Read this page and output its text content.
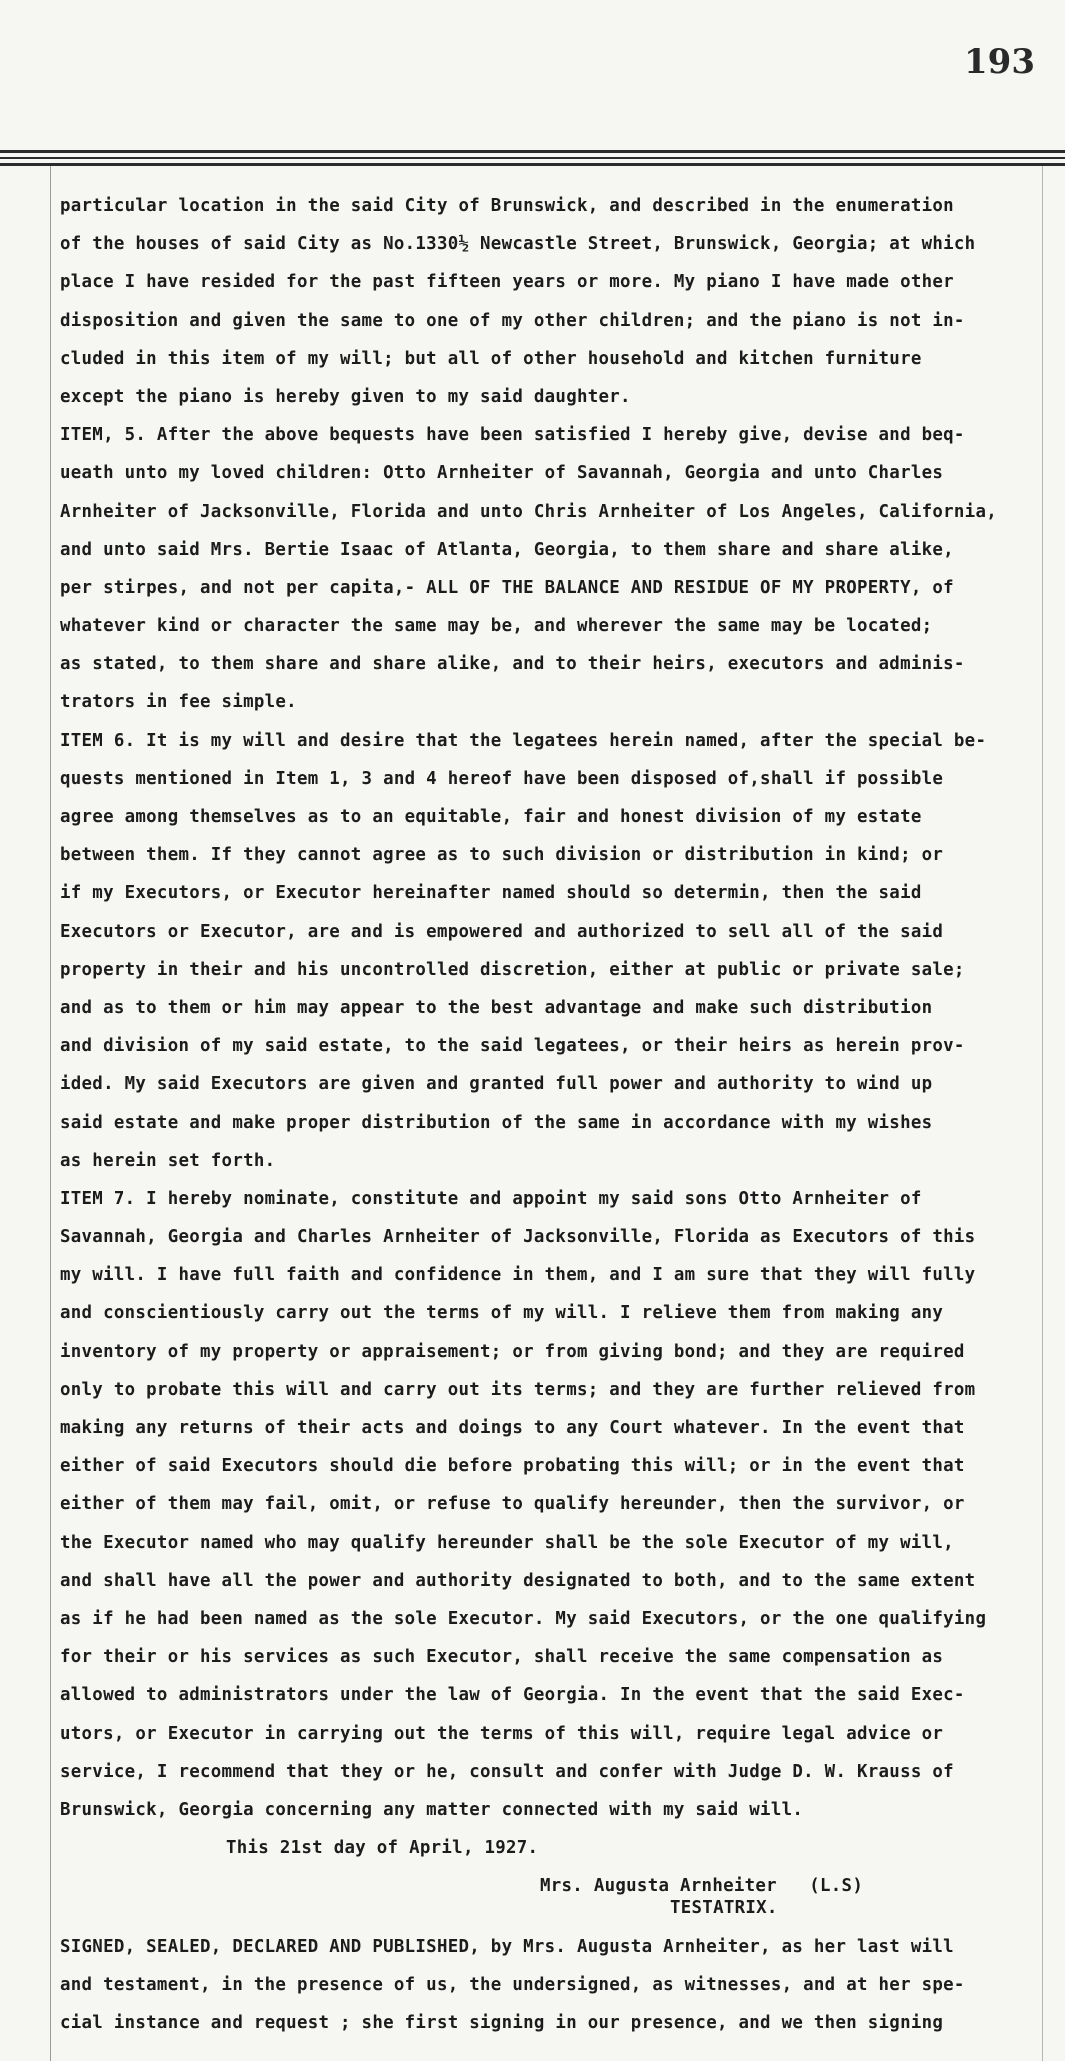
193
particular location in the said City of Brunswick, and described in the enumeration
of the houses of said City as No.1330½ Newcastle Street, Brunswick, Georgia; at which
place I have resided for the past fifteen years or more. My piano I have made other
disposition and given the same to one of my other children; and the piano is not in-
cluded in this item of my will; but all of other household and kitchen furniture
except the piano is hereby given to my said daughter.
ITEM, 5. After the above bequests have been satisfied I hereby give, devise and beq-
ueath unto my loved children: Otto Arnheiter of Savannah, Georgia and unto Charles
Arnheiter of Jacksonville, Florida and unto Chris Arnheiter of Los Angeles, California,
and unto said Mrs. Bertie Isaac of Atlanta, Georgia, to them share and share alike,
per stirpes, and not per capita,- ALL OF THE BALANCE AND RESIDUE OF MY PROPERTY, of
whatever kind or character the same may be, and wherever the same may be located;
as stated, to them share and share alike, and to their heirs, executors and adminis-
trators in fee simple.
ITEM 6. It is my will and desire that the legatees herein named, after the special be-
quests mentioned in Item 1, 3 and 4 hereof have been disposed of,shall if possible
agree among themselves as to an equitable, fair and honest division of my estate
between them. If they cannot agree as to such division or distribution in kind; or
if my Executors, or Executor hereinafter named should so determin, then the said
Executors or Executor, are and is empowered and authorized to sell all of the said
property in their and his uncontrolled discretion, either at public or private sale;
and as to them or him may appear to the best advantage and make such distribution
and division of my said estate, to the said legatees, or their heirs as herein prov-
ided. My said Executors are given and granted full power and authority to wind up
said estate and make proper distribution of the same in accordance with my wishes
as herein set forth.
ITEM 7. I hereby nominate, constitute and appoint my said sons Otto Arnheiter of
Savannah, Georgia and Charles Arnheiter of Jacksonville, Florida as Executors of this
my will. I have full faith and confidence in them, and I am sure that they will fully
and conscientiously carry out the terms of my will. I relieve them from making any
inventory of my property or appraisement; or from giving bond; and they are required
only to probate this will and carry out its terms; and they are further relieved from
making any returns of their acts and doings to any Court whatever. In the event that
either of said Executors should die before probating this will; or in the event that
either of them may fail, omit, or refuse to qualify hereunder, then the survivor, or
the Executor named who may qualify hereunder shall be the sole Executor of my will,
and shall have all the power and authority designated to both, and to the same extent
as if he had been named as the sole Executor. My said Executors, or the one qualifying
for their or his services as such Executor, shall receive the same compensation as
allowed to administrators under the law of Georgia. In the event that the said Exec-
utors, or Executor in carrying out the terms of this will, require legal advice or
service, I recommend that they or he, consult and confer with Judge D. W. Krauss of
Brunswick, Georgia concerning any matter connected with my said will.
This 21st day of April, 1927.
Mrs. Augusta Arnheiter   (L.S)
TESTATRIX.
SIGNED, SEALED, DECLARED AND PUBLISHED, by Mrs. Augusta Arnheiter, as her last will
and testament, in the presence of us, the undersigned, as witnesses, and at her spe-
cial instance and request ; she first signing in our presence, and we then signing
